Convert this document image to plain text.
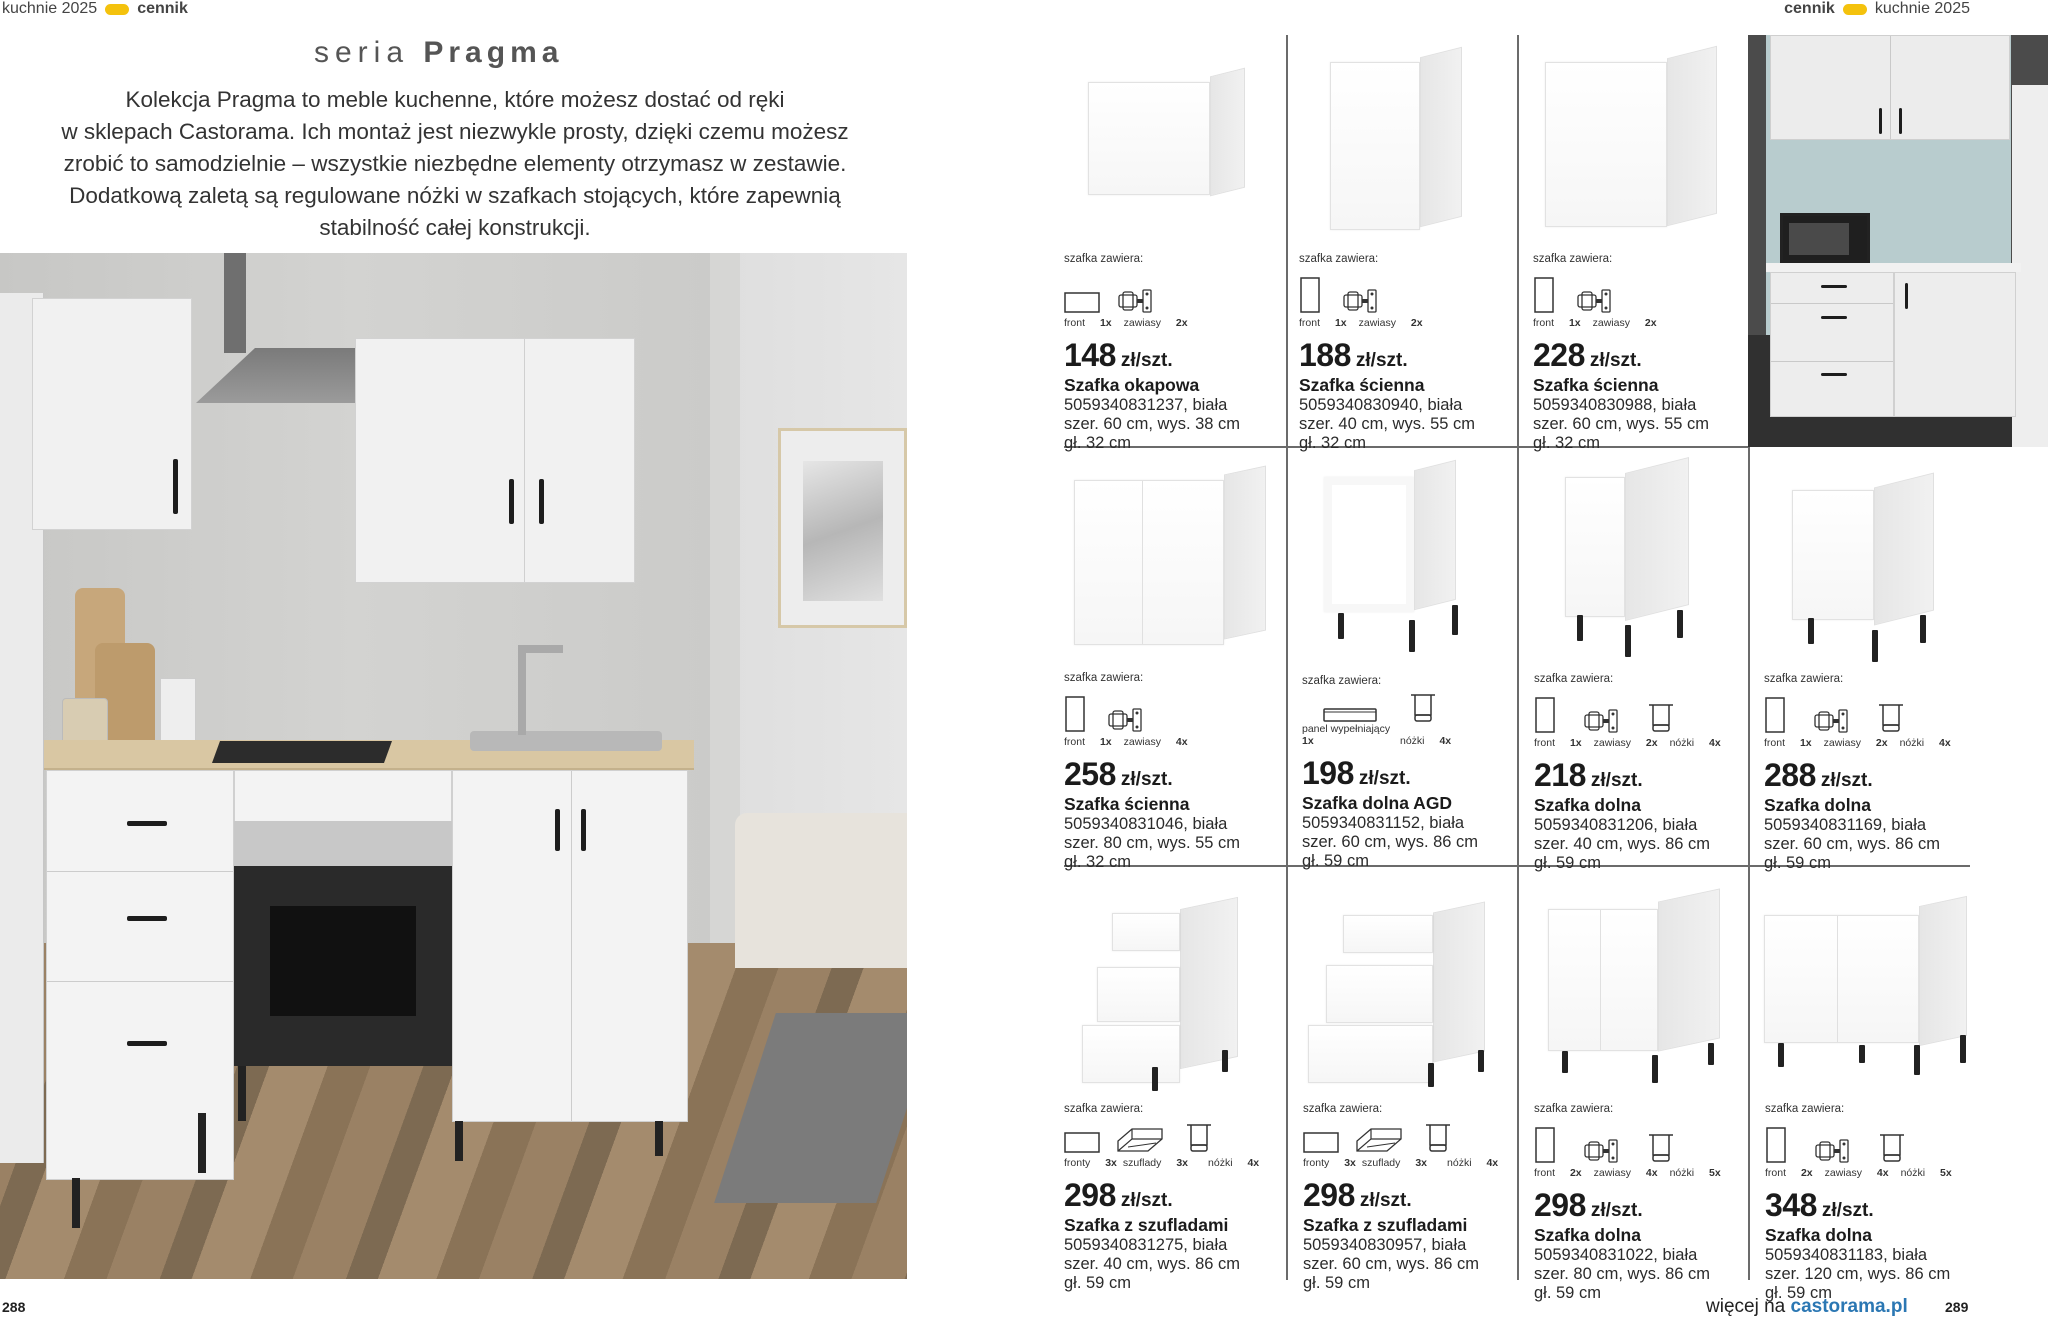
kuchnie 2025	cennik	cennik	kuchnie 2025
seria Pragma
Kolekcja Pragma to meble kuchenne, które możesz dostać od ręki
w sklepach Castorama. Ich montaż jest niezwykle prosty, dzięki czemu możesz
zrobić to samodzielnie – wszystkie niezbędne elementy otrzymasz w zestawie.
Dodatkową zaletą są regulowane nóżki w szafkach stojących, które zapewnią
stabilność całej konstrukcji.
288
szafka zawiera:
front 1x zawiasy 2x
148 zł/szt.
Szafka okapowa
5059340831237, biała
szer. 60 cm, wys. 38 cm
gł. 32 cm
szafka zawiera:
front 1x zawiasy 2x
188 zł/szt.
Szafka ścienna
5059340830940, biała
szer. 40 cm, wys. 55 cm
gł. 32 cm
szafka zawiera:
front 1x zawiasy 2x
228 zł/szt.
Szafka ścienna
5059340830988, biała
szer. 60 cm, wys. 55 cm
gł. 32 cm
szafka zawiera:
front 1x zawiasy 4x
258 zł/szt.
Szafka ścienna
5059340831046, biała
szer. 80 cm, wys. 55 cm
gł. 32 cm
szafka zawiera:
panel wypełniający 1x	nóżki 4x
198 zł/szt.
Szafka dolna AGD
5059340831152, biała
szer. 60 cm, wys. 86 cm
gł. 59 cm
szafka zawiera:
front 1x zawiasy 2x nóżki 4x
218 zł/szt.
Szafka dolna
5059340831206, biała
szer. 40 cm, wys. 86 cm
gł. 59 cm
szafka zawiera:
front 1x zawiasy 2x nóżki 4x
288 zł/szt.
Szafka dolna
5059340831169, biała
szer. 60 cm, wys. 86 cm
gł. 59 cm
szafka zawiera:
fronty 3x szuflady 3x nóżki 4x
298 zł/szt.
Szafka z szufladami
5059340831275, biała
szer. 40 cm, wys. 86 cm
gł. 59 cm
szafka zawiera:
fronty 3x szuflady 3x nóżki 4x
298 zł/szt.
Szafka z szufladami
5059340830957, biała
szer. 60 cm, wys. 86 cm
gł. 59 cm
szafka zawiera:
front 2x zawiasy 4x nóżki 5x
298 zł/szt.
Szafka dolna
5059340831022, biała
szer. 80 cm, wys. 86 cm
gł. 59 cm
szafka zawiera:
front 2x zawiasy 4x nóżki 5x
348 zł/szt.
Szafka dolna
5059340831183, biała
szer. 120 cm, wys. 86 cm
gł. 59 cm
więcej na castorama.pl	289
